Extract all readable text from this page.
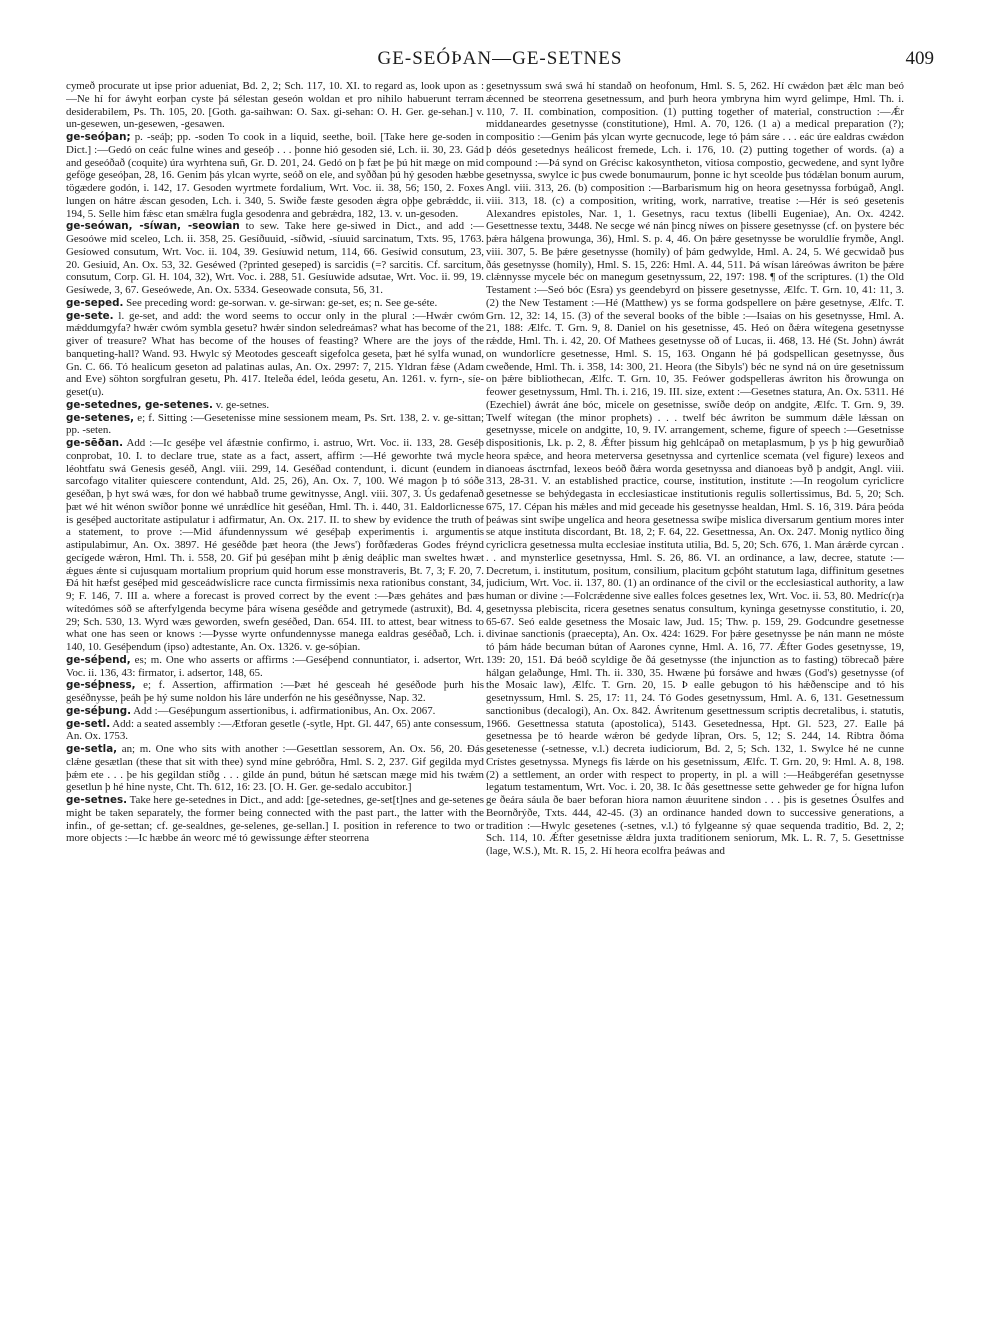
GE-SEÓÞAN—GE-SETNES	409

cymeð procurate ut ipse prior adueniat, Bd. 2, 2; Sch. 117, 10. XI. to regard as, look upon as :—Ne hí for áwyht eorþan cyste þá sélestan geseón woldan et pro nihilo habuerunt terram desiderabilem, Ps. Th. 105, 20. [Goth. ga-saihwan: O. Sax. gi-sehan: O. H. Ger. ge-sehan.] v. un-gesewen, un-gesewen, -gesawen.

ge-seóþan; p. -seáþ; pp. -soden To cook in a liquid, seethe, boil. [Take here ge-soden in Dict.] :—Gedó on ceác fulne wines and geseóþ . . . þonne hió gesoden sié, Lch. ii. 30, 23. Gád and geseóðað (coquite) úra wyrhtena suñ, Gr. D. 201, 24. Gedó on þ fæt þe þú hit mæge on mid geföge geseóþan, 28, 16. Genim þás ylcan wyrte, seóð on ele, and syððan þú hý gesoden hæbbe tögædere godón, i. 142, 17. Gesoden wyrtmete fordalium, Wrt. Voc. ii. 38, 56; 150, 2. Foxes lungen on hátre ǽscan gesoden, Lch. i. 340, 5. Swiðe fæste gesoden ǽgra oþþe gebrǽddc, ii. 194, 5. Selle him fǽsc etan smǽlra fugla gesodenra and gebrǽdra, 182, 13. v. un-gesoden.

ge-seówan, -síwan, -seowian to sew. Take here ge-siwed in Dict., and add :—Gesoówe mid sceleo, Lch. ii. 358, 25. Gesíðuuid, -síðwid, -síuuid sarcinatum, Txts. 95, 1763. Gesíowed consutum, Wrt. Voc. ii. 104, 39. Gesíuwid netum, 114, 66. Gesíwid consutum, 23, 20. Gesiuid, An. Ox. 53, 32. Geséwed (?printed geseped) is sarcidis (=? sarcitis. Cf. sarcitum, consutum, Corp. Gl. H. 104, 32), Wrt. Voc. i. 288, 51. Gesíuwide adsutae, Wrt. Voc. ii. 99, 19. Gesíwede, 3, 67. Geseówede, An. Ox. 5334. Geseowade consuta, 56, 31.

ge-seped. See preceding word: ge-sorwan. v. ge-sirwan: ge-set, es; n. See ge-séte.

ge-sete. l. ge-set, and add: the word seems to occur only in the plural :—Hwǽr cwóm mǽddumgyfa? hwǽr cwóm symbla gesetu? hwǽr sindon seledreámas? what has become of the giver of treasure? What has become of the houses of feasting? Where are the joys of the banqueting-hall? Wand. 93. Hwylc sý Meotodes gesceaft sigefolca geseta, þæt hé sylfa wunad, Gn. C. 66. Tó healicum geseton ad palatinas aulas, An. Ox. 2997: 7, 215. Yldran fǽse (Adam and Eve) söhton sorgfulran gesetu, Ph. 417. Iteleða édel, leóda gesetu, An. 1261. v. fyrn-, síe-geset(u).

ge-setednes, ge-setenes. v. ge-setnes.

ge-setenes, e; f. Sitting :—Gesetenisse mine sessionem meam, Ps. Srt. 138, 2. v. ge-sittan; pp. -seten.

ge-sēðan. Add :—Ic geséþe vel áfæstnie confirmo, i. astruo, Wrt. Voc. ii. 133, 28. Geséþ conprobat, 10. I. to declare true, state as a fact, assert, affirm :—Hé geworhte twá mycle léohtfatu swá Genesis geséð, Angl. viii. 299, 14. Geséðad contendunt, i. dicunt (eundem in sarcofago vitaliter quiescere contendunt, Ald. 25, 26), An. Ox. 7, 100. Wé magon þ tó sóðe geséðan, þ hyt swá wæs, for don wé habbað trume gewitnysse, Angl. viii. 307, 3. Ús gedafenað þæt wé hit wénon swíðor þonne wé unrǽdlíce hit geséðan, Hml. Th. i. 440, 31. Ealdorlicnesse is geséþed auctoritate astipulatur i adfirmatur, An. Ox. 217. II. to shew by evidence the truth of a statement, to prove :—Mid áfundennyssum wé geséþaþ experimentis i. argumentis astipulabimur, An. Ox. 3897. Hé geséðde þæt heora (the Jews') forðfæderas Godes fréynd gecígede wǽron, Hml. Th. i. 558, 20. Gif þú geséþan miht þ ǽnig deáþlic man sweltes hwæt ǽgues ǽnte si cujusquam mortalium proprium quid horum esse monstraveris, Bt. 7, 3; F. 20, 7. Đá hit hæfst geséþed mid gesceádwíslicre race cuncta firmissimis nexa rationibus constant, 34, 9; F. 146, 7. III a. where a forecast is proved correct by the event :—Þæs gehátes and þæs wítedómes sóð se afterfylgenda becyme þára wísena geséðde and getrymede (astruxit), Bd. 4, 29; Sch. 530, 13. Wyrd wæs geworden, swefn geséðed, Dan. 654. III. to attest, bear witness to what one has seen or knows :—Þysse wyrte onfundennysse manega ealdras geséðað, Lch. i. 140, 10. Geséþendum (ipso) adtestante, An. Ox. 1326. v. ge-sóþian.

ge-séþend, es; m. One who asserts or affirms :—Geséþend connuntiator, i. adsertor, Wrt. Voc. ii. 136, 43: firmator, i. adsertor, 148, 65.

ge-séþness, e; f. Assertion, affirmation :—Þæt hé gesceah hé geséðode þurh his geséðnysse, þeáh þe hý sume noldon his láre underfón ne his geséðnysse, Nap. 32.

ge-séþung. Add :—Geséþungum assertionibus, i. adfirmationibus, An. Ox. 2067.

ge-setl. Add: a seated assembly :—Ætforan gesetle (-sytle, Hpt. Gl. 447, 65) ante consessum, An. Ox. 1753.

ge-setla, an; m. One who sits with another :—Gesettlan sessorem, An. Ox. 56, 20. Đás clǽne gesætlan (these that sit with thee) synd míne gebróðra, Hml. S. 2, 237. Gif gegilda myd þǽm ete . . . þe his gegildan stíðg . . . gilde án pund, bútun hé sætscan mæge mid his twǽm gesetlun þ hé hine nyste, Cht. Th. 612, 16: 23. [O. H. Ger. ge-sedalo accubitor.]

ge-setnes. Take here ge-setednes in Dict., and add: [ge-setednes, ge-set[t]nes and ge-setenes might be taken separately, the former being connected with the past part., the latter with the infin., of ge-settan; cf. ge-sealdnes, ge-selenes, ge-sellan.] I. position in reference to two or more objects :—Ic hæbbe án weorc mé tó gewissunge ǽfter steorrena

gesetnyssum swá swá hí standað on heofonum, Hml. S. 5, 262. Hí cwǽdon þæt ǽlc man beó ǽcenned be steorrena gesetnessum, and þurh heora ymbryna him wyrd gelimpe, Hml. Th. i. 110, 7. II. combination, composition. (1) putting together of material, construction :—Ǽr middaneardes gesetnysse (constitutione), Hml. A. 70, 126. (1 a) a medical preparation (?); compositio :—Genim þás ylcan wyrte gecnucode, lege tó þám sáre . . . eác úre ealdras cwǽdon þ déós gesetednys heálicost fremede, Lch. i. 176, 10. (2) putting together of words. (a) a compound :—Þá synd on Grécisc kakosyntheton, vitiosa compostio, gecwedene, and synt lyðre gesetnyssa, swylce ic þus cwede bonumaurum, þonne ic hyt sceolde þus tódǽlan bonum aurum, Angl. viii. 313, 26. (b) composition :—Barbarismum hig on heora gesetnyssa forbúgað, Angl. viii. 313, 18. (c) a composition, writing, work, narrative, treatise :—Hér is seó gesetenis Alexandres epistoles, Nar. 1, 1. Gesetnys, racu textus (libelli Eugeniae), An. Ox. 4242. Gesettnesse textu, 3448. Ne secge wé nán þincg níwes on þissere gesetnysse (cf. on þystere béc þǽra hálgena þrowunga, 36), Hml. S. p. 4, 46. On þǽre gesetnysse be woruldlíe frymðe, Angl. viii. 307, 5. Be þǽre gesetnysse (homily) of þám gedwylde, Hml. A. 24, 5. Wé gecwidað þus ðás gesetnysse (homily), Hml. S. 15, 226: Hml. A. 44, 511. Þá wísan láreówas áwriton be þǽre clǽnnysse mycele béc on manegum gesetnyssum, 22, 197: 198. ¶ of the scriptures. (1) the Old Testament :—Seó bóc (Esra) ys geendebyrd on þissere gesetnysse, Ælfc. T. Grn. 10, 41: 11, 3. (2) the New Testament :—Hé (Matthew) ys se forma godspellere on þǽre gesetnyse, Ælfc. T. Grn. 12, 32: 14, 15. (3) of the several books of the bible :—Isaias on his gesetnysse, Hml. A. 21, 188: Ælfc. T. Grn. 9, 8. Daniel on his gesetnisse, 45. Heó on ðǽra wítegena gesetnysse rǽdde, Hml. Th. i. 42, 20. Of Mathees gesetnysse oð of Lucas, ii. 468, 13. Hé (St. John) áwrát on wundorlícre gesetnesse, Hml. S. 15, 163. Ongann hé þá godspellican gesetnysse, ðus cweðende, Hml. Th. i. 358, 14: 300, 21. Heora (the Sibyls') béc ne synd ná on úre gesetnissum on þǽre bibliothecan, Ælfc. T. Grn. 10, 35. Feówer godspelleras áwriton his ðrowunga on feower gesetnyssum, Hml. Th. i. 216, 19. III. size, extent :—Gesetnes statura, An. Ox. 5311. Hé (Ezechiel) áwrát áne bóc, micele on gesetnisse, swíðe deóp on andgite, Ælfc. T. Grn. 9, 39. Twelf wítegan (the minor prophets) . . . twelf béc áwriton be summum dǽle lǽssan on gesetnysse, micele on andgitte, 10, 9. IV. arrangement, scheme, figure of speech :—Gesetnisse dispositionis, Lk. p. 2, 8. Ǽfter þissum hig gehlcápað on metaplasmum, þ ys þ hig gewurðiað heora spǽce, and heora meterversa gesetnyssa and cyrtenlice scemata (vel figure) lexeos and dianoeas ásctrnfad, lexeos beóð ðǽra worda gesetnyssa and dianoeas byð þ andgit, Angl. viii. 313, 28-31. V. an established practice, course, institution, institute :—In reogolum cyriclicre gesetnesse se behýdegasta in ecclesiasticae institutionis regulis sollertissimus, Bd. 5, 20; Sch. 675, 17. Cépan his mǽles and mid geceade his gesetnysse healdan, Hml. S. 16, 319. Þára þeóda þeáwas sint swíþe ungelíca and heora gesetnessa swíþe mislica diversarum gentium mores inter se atque instituta discordant, Bt. 18, 2; F. 64, 22. Gesettnessa, An. Ox. 247. Monig nytlico ðing cyriclicra gesetnessa multa ecclesiae instituta utilia, Bd. 5, 20; Sch. 676, 1. Man árǽrde cyrcan . . . and mynsterlice gesetnyssa, Hml. S. 26, 86. VI. an ordinance, a law, decree, statute :—Decretum, i. institutum, positum, consilium, placitum gcþóht statutum laga, diffinitum gesetnes judicium, Wrt. Voc. ii. 137, 80. (1) an ordinance of the civil or the ecclesiastical authority, a law human or divine :—Folcrǽdenne sive ealles folces gesetnes lex, Wrt. Voc. ii. 53, 80. Medríc(r)a gesetnyssa plebiscita, ricera gesetnes senatus consultum, kyninga gesetnysse constitutio, i. 20, 65-67. Seó ealde gesetness the Mosaic law, Jud. 15; Thw. p. 159, 29. Godcundre gesetnesse divinae sanctionis (praecepta), An. Ox. 424: 1629. For þǽre gesetnysse þe nán mann ne móste tó þám háde becuman bútan of Aarones cynne, Hml. A. 16, 77. Ǽfter Godes gesetnysse, 19, 139: 20, 151. Đá beóð scyldige ðe ðá gesetnysse (the injunction as to fasting) töbrecað þǽre hálgan gelaðunge, Hml. Th. ii. 330, 35. Hwæne þú forsáwe and hwæs (God's) gesetnysse (of the Mosaic law), Ælfc. T. Grn. 20, 15. Þ ealle gebugon tó his hǽðenscipe and tó his gesetnyssum, Hml. S. 25, 17: 11, 24. Tó Godes gesetnyssum, Hml. A. 6, 131. Gesetnessum sanctionibus (decalogi), An. Ox. 842. Áwritenum gesettnessum scriptis decretalibus, i. statutis, 1966. Gesettnessa statuta (apostolica), 5143. Gesetednessa, Hpt. Gl. 523, 27. Ealle þá gesetnessa þe tó hearde wǽron bé gedyde líþran, Ors. 5, 12; S. 244, 14. Ribtra ðóma gesetenesse (-setnesse, v.l.) decreta iudiciorum, Bd. 2, 5; Sch. 132, 1. Swylce hé ne cunne Crístes gesetnyssa. Mynegs fis lǽrde on his gesetnissum, Ælfc. T. Grn. 20, 9: Hml. A. 8, 198. (2) a settlement, an order with respect to property, in pl. a will :—Heábgeréfan gesetnysse legatum testamentum, Wrt. Voc. i. 20, 38. Ic ðás gesettnesse sette gehweder ge for hígna lufon ge ðeára sáula ðe baer beforan hiora namon ǽuuritene sindon . . . þis is gesetnes Ósulfes and Beornðrýðe, Txts. 444, 42-45. (3) an ordinance handed down to successive generations, a tradition :—Hwylc gesetenes (-setnes, v.l.) tó fylgeanne sý quae sequenda traditio, Bd. 2, 2; Sch. 114, 10. Ǽfter gesetnisse ǽldra juxta traditionem seniorum, Mk. L. R. 7, 5. Gesettnisse (lage, W.S.), Mt. R. 15, 2. Hí heora ecolfra þeáwas and
